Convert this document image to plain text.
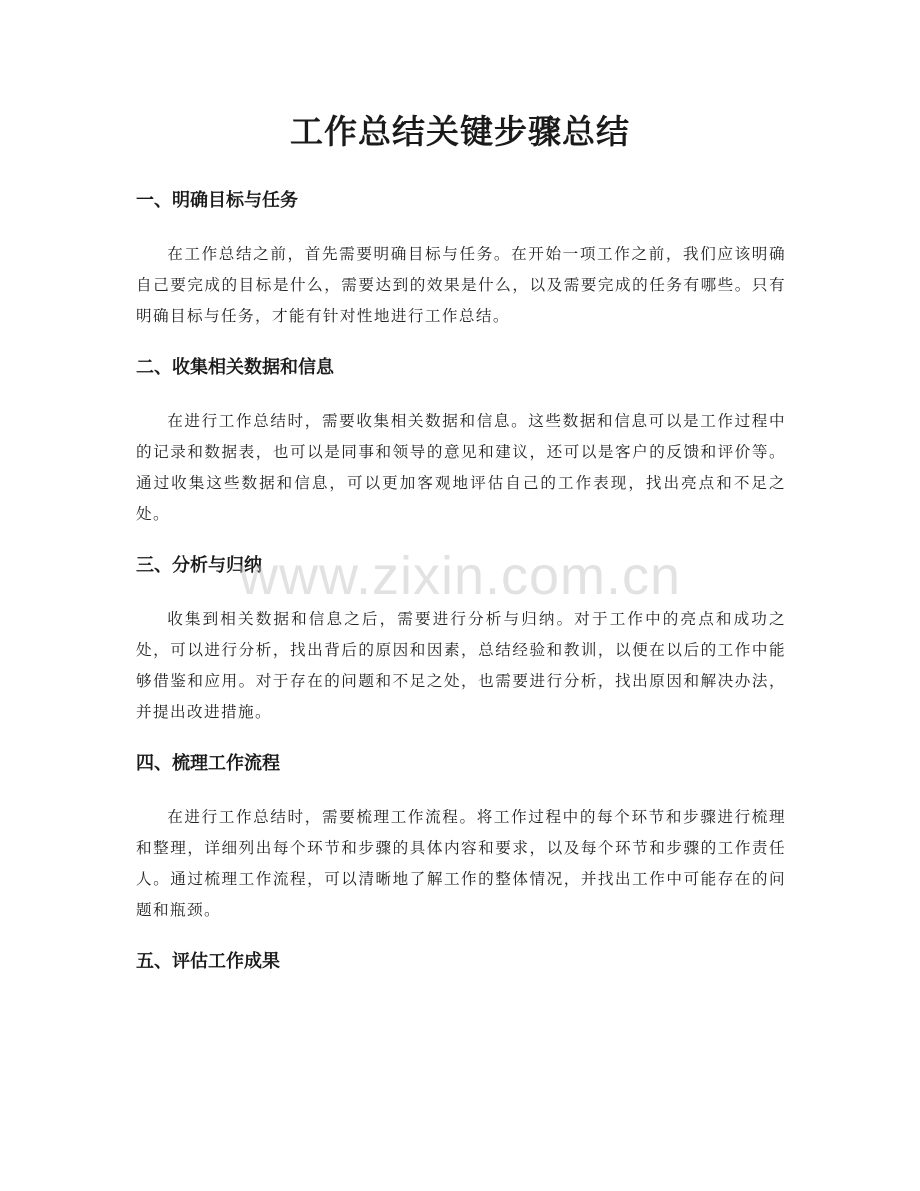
工作总结关键步骤总结
一、明确目标与任务

在工作总结之前，首先需要明确目标与任务。在开始一项工作之前，我们应该明确自己要完成的目标是什么，需要达到的效果是什么，以及需要完成的任务有哪些。只有明确目标与任务，才能有针对性地进行工作总结。

二、收集相关数据和信息

在进行工作总结时，需要收集相关数据和信息。这些数据和信息可以是工作过程中的记录和数据表，也可以是同事和领导的意见和建议，还可以是客户的反馈和评价等。通过收集这些数据和信息，可以更加客观地评估自己的工作表现，找出亮点和不足之处。

三、分析与归纳

收集到相关数据和信息之后，需要进行分析与归纳。对于工作中的亮点和成功之处，可以进行分析，找出背后的原因和因素，总结经验和教训，以便在以后的工作中能够借鉴和应用。对于存在的问题和不足之处，也需要进行分析，找出原因和解决办法，并提出改进措施。

四、梳理工作流程

在进行工作总结时，需要梳理工作流程。将工作过程中的每个环节和步骤进行梳理和整理，详细列出每个环节和步骤的具体内容和要求，以及每个环节和步骤的工作责任人。通过梳理工作流程，可以清晰地了解工作的整体情况，并找出工作中可能存在的问题和瓶颈。

五、评估工作成果
www.zixin.com.cn
